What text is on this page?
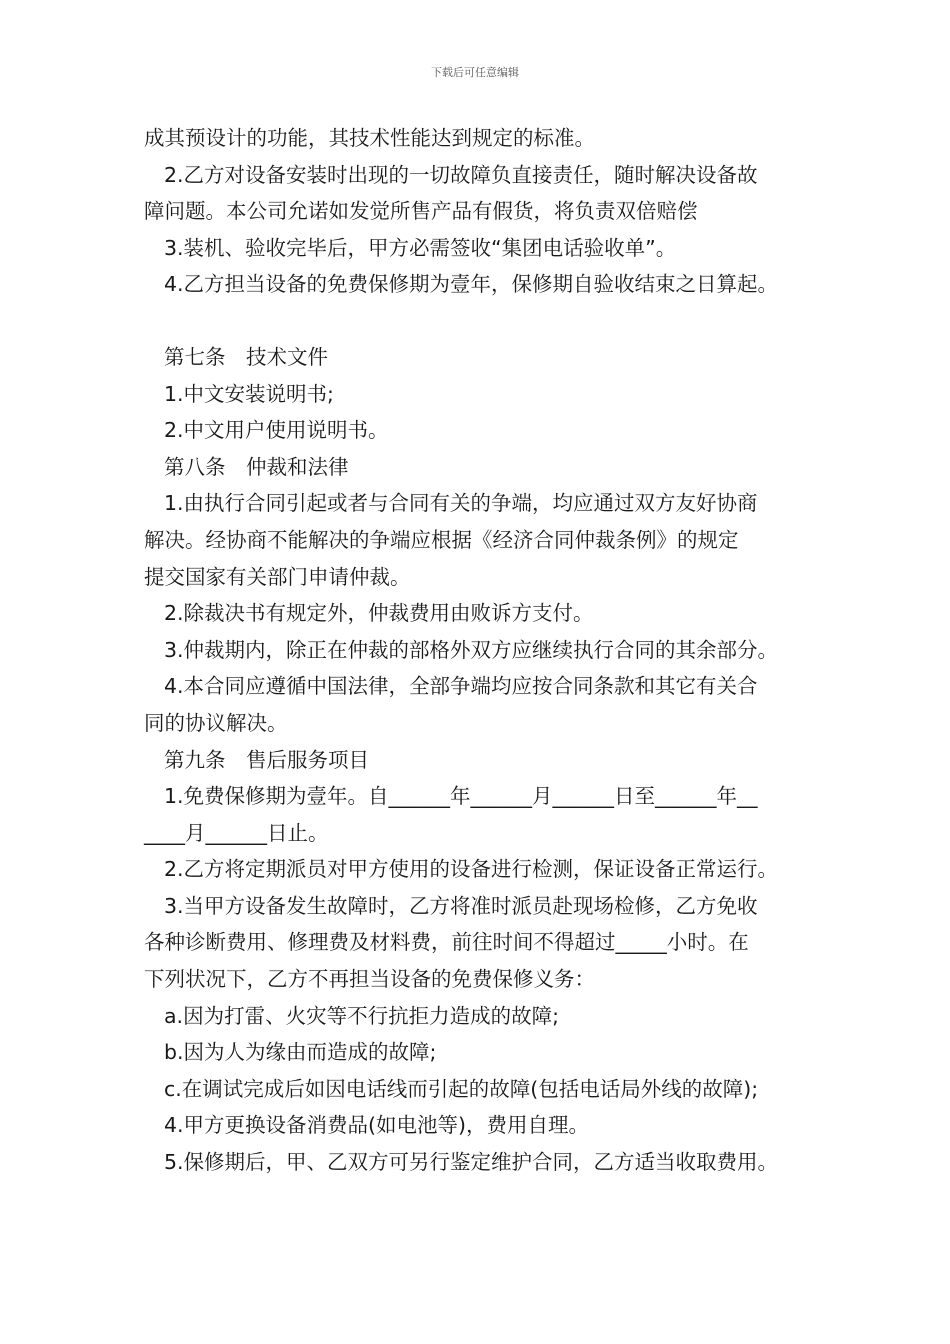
下载后可任意编辑
成其预设计的功能，其技术性能达到规定的标准。
2.乙方对设备安装时出现的一切故障负直接责任，随时解决设备故
障问题。本公司允诺如发觉所售产品有假货，将负责双倍赔偿
3.装机、验收完毕后，甲方必需签收“集团电话验收单”。
4.乙方担当设备的免费保修期为壹年，保修期自验收结束之日算起。
第七条　技术文件
1.中文安装说明书;
2.中文用户使用说明书。
第八条　仲裁和法律
1.由执行合同引起或者与合同有关的争端，均应通过双方友好协商
解决。经协商不能解决的争端应根据《经济合同仲裁条例》的规定
提交国家有关部门申请仲裁。
2.除裁决书有规定外，仲裁费用由败诉方支付。
3.仲裁期内，除正在仲裁的部格外双方应继续执行合同的其余部分。
4.本合同应遵循中国法律，全部争端均应按合同条款和其它有关合
同的协议解决。
第九条　售后服务项目
1.免费保修期为壹年。自______年______月______日至______年__
____月______日止。
2.乙方将定期派员对甲方使用的设备进行检测，保证设备正常运行。
3.当甲方设备发生故障时，乙方将准时派员赴现场检修，乙方免收
各种诊断费用、修理费及材料费，前往时间不得超过_____小时。在
下列状况下，乙方不再担当设备的免费保修义务：
a.因为打雷、火灾等不行抗拒力造成的故障;
b.因为人为缘由而造成的故障;
c.在调试完成后如因电话线而引起的故障(包括电话局外线的故障);
4.甲方更换设备消费品(如电池等)，费用自理。
5.保修期后，甲、乙双方可另行鉴定维护合同，乙方适当收取费用。
